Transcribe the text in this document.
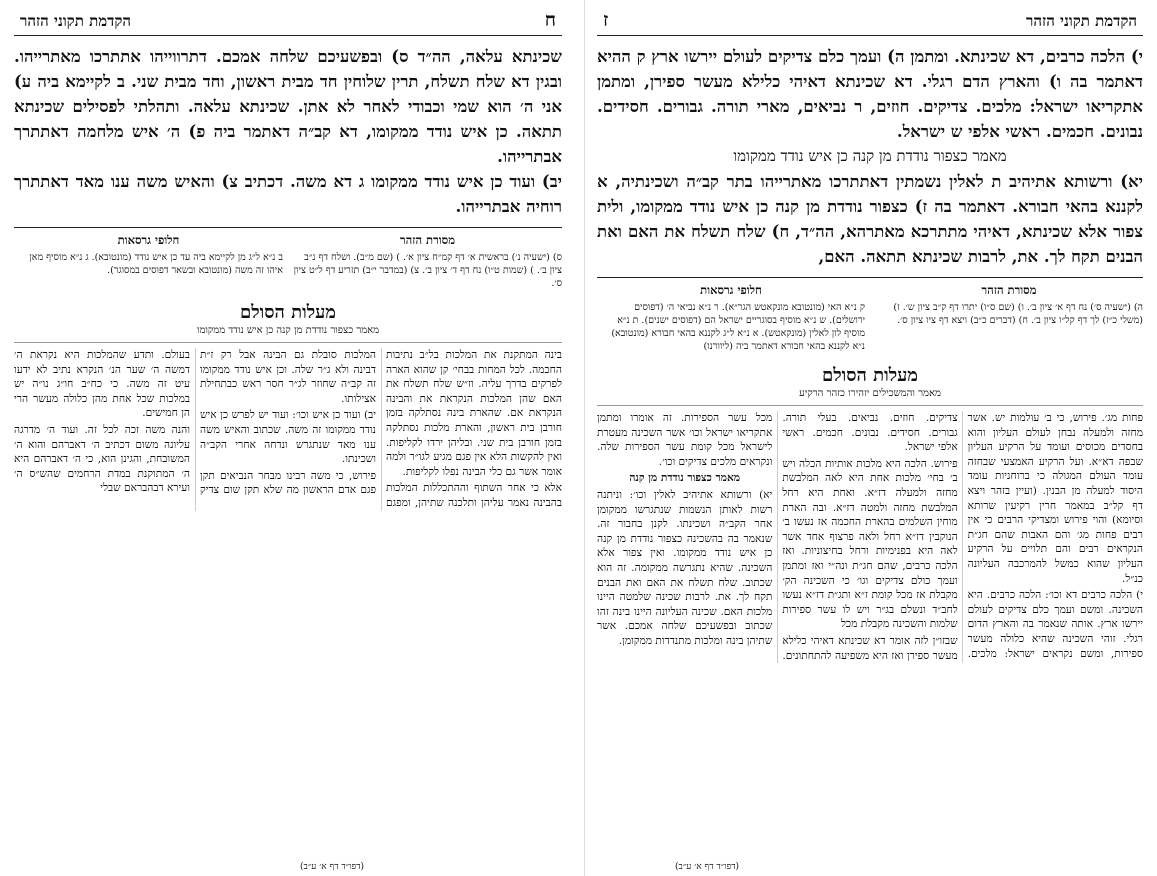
ח
הקדמת תקוני הזהר

שכינתא עלאה, הה״ד ס) ובפשעיכם שלחה אמכם. דתרווייהו אתתרכו מאתרייהו. ובגין דא שלח תשלח, תרין שלוחין חד מבית ראשון, וחד מבית שני. ב לקיימא ביה ע) אני ה׳ הוא שמי וכבודי לאחר לא אתן. שכינתא עלאה. ותהלתי לפסילים שכינתא תתאה. כן איש נודד ממקומו, דא קב״ה דאתמר ביה פ) ה׳ איש מלחמה דאתתרך אבתרייהו.

יב) ועוד כן איש נודד ממקומו ג דא משה. דכתיב צ) והאיש משה ענו מאד דאתתרך רוחיה אבתרייהו.

מסורת הזהר
ס) (ישעיה נ׳) בראשית א׳ דף קמ״ח ציון א׳. ) (שם מ״ב). ושלח דף נ״ב ציון ב׳. ) (שמות ט״ו) נח דף ד׳ ציון ב׳. צ) (במדבר י״ב) תזריע דף ל״ט ציון ס׳.
חלופי גרסאות
ב נ״א ל״ג מן לקיימא ביה עד כן איש נודד (מונטובא). ג נ״א מוסיף מאן איהו זה משה (מונטובא ובשאר דפוסים במסוגר).
מעלות הסולם
מאמר כצפור נודדת מן קנה כן איש נודד ממקומו

בינה המתקנת את המלכות בל״ב נתיבות החכמה. לכל המחות בבחי׳ קן שהוא הארה לפרקים בדרך עליה. וז״ש שלח תשלח את האם שהן המלכות הנקראת את והבינה הנקראת אם. שהארת בינה נסתלקה בזמן חורבן בית ראשון, והארת מלכות נסתלקה בזמן חורבן בית שני. ובליהן ירדו לקליפות. ואין להקשות הלא אין פגם מגיע לגו״ר ולמה אומר אשר גם כלי הבינה נפלו לקליפות.

אלא כי אחר השתוף וההתכללות המלכות בהבינה נאמר עליהן ותלכנה שתיהן, ומפגם המלכות סובלת גם הבינה אבל רק ז״ת דבינה ולא ג״ר שלה. וכן איש נודד ממקומו זה קב״ה שחוזר לג״ר חסר ראש כבתחילת אצילותו.

יב) ועוד כן איש וכו׳: ועוד יש לפרש כן איש נודד ממקומו זה משה. שכתוב והאיש משה ענו מאד שנתגרש ונדחה אחרי הקב״ה ושכינתו.

פירוש, כי משה רבינו מבחר הנביאים תקן פגם אדם הראשון מה שלא תקן שום צדיק בעולם. ותדע שהמלכות היא נקראת ה׳ דמשה ה׳ שער הנ׳ הנקרא נתיב לא ידעו עיט זה משה. כי כח״ב חו״ג נו״ה יש במלכות שכל אחת מהן כלולה מעשר הרי הן חמישים.

והנה משה זכה לכל זה. ועוד ה׳ מדרגה עליונה משום דכתיב ה׳ דאברהם והוא ה׳ המשובחת, והגינן הוא, כי ה׳ דאברהם היא ה׳ המתוקנת במדת הרחמים שהש״ס ה׳ ועירא דבהבראם שבלי

(דפו״ד דף א׳ ע״ב)
הקדמת תקוני הזהר
ז

י) הלכה כרבים, דא שכינתא. ומתמן ה) ועמך כלם צדיקים לעולם יירשו ארץ ק ההיא דאתמר בה ו) והארץ הדם רגלי. דא שכינתא דאיהי כלילא מעשר ספירן, ומתמן אתקריאו ישראל: מלכים. צדיקים. חוזים, ר נביאים, מארי תורה. גבורים. חסידים. נבונים. חכמים. ראשי אלפי ש ישראל.

מאמר כצפור נודדת מן קנה כן איש נודד ממקומו

יא) ורשותא אתיהיב ת לאלין נשמתין דאתתרכו מאתרייהו בתר קב״ה ושכינתיה, א לקננא בהאי חבורא. דאתמר בה ז) כצפור נודדת מן קנה כן איש נודד ממקומו, ולית צפור אלא שכינתא, דאיהי מתתרכא מאתרהא, הה״ד, ח) שלח תשלח את האם ואת הבנים תקח לך. את, לרבות שכינתא תתאה. האם,

מסורת הזהר
ה) (ישעיה ס׳) נח דף א׳ ציון ב׳. ו) (שם ס״ו) יתרו דף ק״ב ציון ש׳. ז) (משלי כ״ז) לך דף קל״ו ציון ב׳. ח) (דברים כ״ב) ויצא דף ציו ציון ס׳.
חלופי גרסאות
ק נ״א האי (מונטובא מונקאטש הגר״א). ר נ״א נביאי ה׳ (דפוסים ירושלים). ש נ״א מוסיף בסוגריים ישראל הם (דפוסים ישנים). ת נ״א מוסיף לון לאלין (מונקאטש). א נ״א ל״ג לקננא בהאי חבורא (מונטובא) נ״א לקננא בהאי חבורא דאתמר ביה (ליוורנו)
מעלות הסולם
מאמר והמשכילים יזהירו כזהר הרקיע

פחות מג׳. פירוש, כי ב׳ עולמות יש. אשר מחזה ולמעלה נבחן לעולם העליון והוא בחסדים מכוסים ועומד על הרקיע העליון שבפה דא״א. ועל הרקיע האמצעי שבחזה עומד העולם המגולה כי ברוחניות עומד היסוד למעלה מן הבנין. (ועיין בזהר ויצא דף קל״ב במאמר חרין רקיעין שרותא וסיומא) והוי פירוש ומצדיקי הרבים כי אין רבים פחות מג׳ והם האבות שהם חג״ת הנקראים רבים והם תלויים על הרקיע העליון שהוא כמשל להמרכבה העליונה כנ״ל.

י) הלכה כרבים דא וכו׳: הלכה כרבים. היא השכינה. ומשם ועמך כלם צדיקים לעולם יירשו ארץ. אותה שנאמר בה והארץ הדום רגלי. זוהי השכינה שהיא כלולה מעשר ספירות, ומשם נקראים ישראל: מלכים. צדיקים. חוזים. נביאים. בעלי תורה. גבורים. חסידים. נבונים. חכמים. ראשי אלפי ישראל.

פירוש. הלכה היא מלכות אותיות הכלה ויש ב׳ בחי׳ מלכות אחת היא לאה המלבשת מחזה ולמעלה דז״א. ואחת היא רחל המלבשת מחזה ולמטה דז״א. ובה הארת מוחין השלמים בהארת החכמה אז נעשו ב׳ הנוקבין דז״א רחל ולאה פרצוף אחד אשר לאה היא בפנימיות ורחל בחיצוניות. ואז הלכה כרבים, שהם חג״ת ונה״י ואז ומתמן ועמך כולם צדיקים וגו׳ כי השכינה הק׳ מקבלת אז מכל קומת ז״א ותג״ת דז״א נעשו לחב״ד ונשלם בג״ר ויש לו עשר ספירות שלמות והשכינה מקבלת מכל

שבזו״ן לזה אומר דא שכינתא דאיהי כלילא מעשר ספירן ואז היא משפיעה להתחתונים. מכל עשר הספירות. זה אומרו ומתמן אתקריאו ישראל וכו׳ אשר השכינה מעטרת לישראל מכל קומת עשר הספירות שלה. ונקראים מלכים צדיקים וכו׳.

מאמר כצפור נודדת מן קנה

יא) ורשותא אתיהיב לאלין וכו׳: וניתנה רשות לאותן הנשמות שנתגרשו ממקומן אחר הקב״ה ושכינתו. לקנן בחבור זה. שנאמר בה בהשכינה כצפור נודדת מן קנה כן איש נודד ממקומו. ואין צפור אלא השכינה. שהיא נתגרשה ממקומה. זה הוא שכתוב. שלח תשלח את האם ואת הבנים תקח לך. את. לרבות שכינה שלמטה היינו מלכות האם. שכינה העליונה היינו בינה זהו שכתוב ובפשעיכם שלחה אמכם. אשר שתיהן בינה ומלכות מתנדדות ממקומן.

(דפו״ד דף א׳ ע״ב)
